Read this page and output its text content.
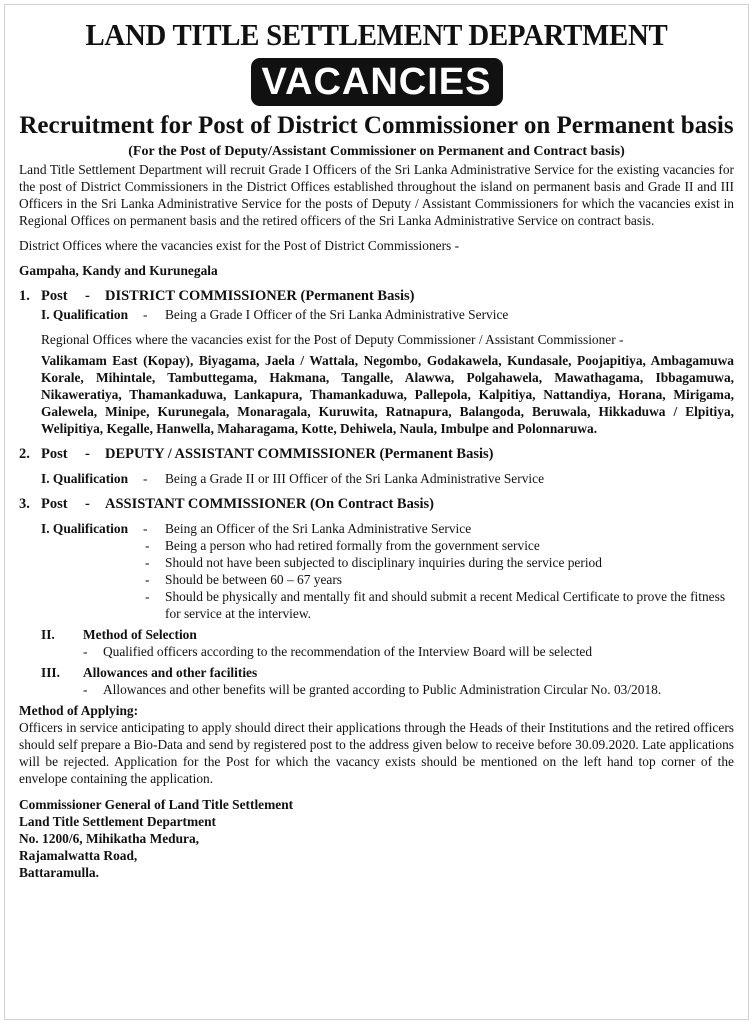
LAND TITLE SETTLEMENT DEPARTMENT
VACANCIES
Recruitment for Post of District Commissioner on Permanent basis
(For the Post of Deputy/Assistant Commissioner on Permanent and Contract basis)
Land Title Settlement Department will recruit Grade I Officers of the Sri Lanka Administrative Service for the existing vacancies for the post of District Commissioners in the District Offices established throughout the island on permanent basis and Grade II and III Officers in the Sri Lanka Administrative Service for the posts of Deputy / Assistant Commissioners for which the vacancies exist in Regional Offices on permanent basis and the retired officers of the Sri Lanka Administrative Service on contract basis.
District Offices where the vacancies exist for the Post of District Commissioners -
Gampaha, Kandy and Kurunegala
1. Post	-	DISTRICT COMMISSIONER
(Permanent Basis)
I. Qualification	-	Being a Grade I Officer of the Sri Lanka Administrative Service
Regional Offices where the vacancies exist for the Post of Deputy Commissioner / Assistant Commissioner -
Valikamam East (Kopay), Biyagama, Jaela / Wattala, Negombo, Godakawela, Kundasale, Poojapitiya, Ambagamuwa Korale, Mihintale, Tambuttegama, Hakmana, Tangalle, Alawwa, Polgahawela, Mawathagama, Ibbagamuwa, Nikaweratiya, Thamankaduwa, Lankapura, Thamankaduwa, Pallepola, Kalpitiya, Nattandiya, Horana, Mirigama, Galewela, Minipe, Kurunegala, Monaragala, Kuruwita, Ratnapura, Balangoda, Beruwala, Hikkaduwa / Elpitiya, Welipitiya, Kegalle, Hanwella, Maharagama, Kotte, Dehiwela, Naula, Imbulpe and Polonnaruwa.
2. Post	-	DEPUTY / ASSISTANT COMMISSIONER
(Permanent Basis)
I. Qualification	-	Being a Grade II or III Officer of the Sri Lanka Administrative Service
3. Post	-	ASSISTANT COMMISSIONER
(On Contract Basis)
I. Qualification	-	Being an Officer of the Sri Lanka Administrative Service
-	Being a person who had retired formally from the government service
-	Should not have been subjected to disciplinary inquiries during the service period
-	Should be between 60 – 67 years
-	Should be physically and mentally fit and should submit a recent Medical Certificate to prove the fitness for service at the interview.
II.	Method of Selection
-	Qualified officers according to the recommendation of the Interview Board will be selected
III.	Allowances and other facilities
-	Allowances and other benefits will be granted according to Public Administration Circular No. 03/2018.
Method of Applying:
Officers in service anticipating to apply should direct their applications through the Heads of their Institutions and the retired officers should self prepare a Bio-Data and send by registered post to the address given below to receive before 30.09.2020. Late applications will be rejected. Application for the Post for which the vacancy exists should be mentioned on the left hand top corner of the envelope containing the application.
Commissioner General of Land Title Settlement
Land Title Settlement Department
No. 1200/6, Mihikatha Medura,
Rajamalwatta Road,
Battaramulla.
